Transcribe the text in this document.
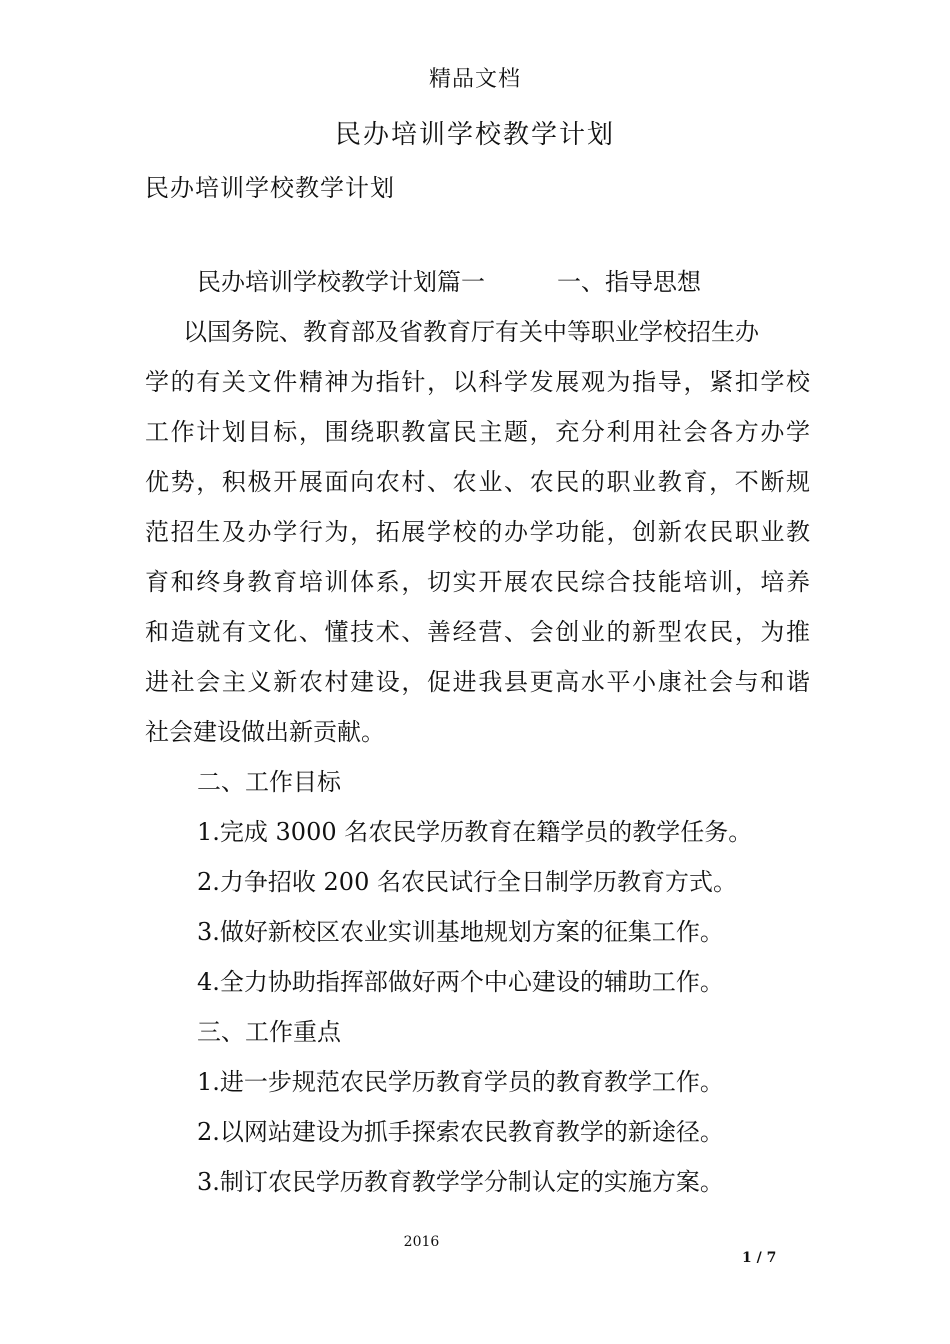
精品文档
民办培训学校教学计划
民办培训学校教学计划
民办培训学校教学计划篇一　　　一、指导思想
以国务院、教育部及省教育厅有关中等职业学校招生办
学的有关文件精神为指针，以科学发展观为指导，紧扣学校
工作计划目标，围绕职教富民主题，充分利用社会各方办学
优势，积极开展面向农村、农业、农民的职业教育，不断规
范招生及办学行为，拓展学校的办学功能，创新农民职业教
育和终身教育培训体系，切实开展农民综合技能培训，培养
和造就有文化、懂技术、善经营、会创业的新型农民，为推
进社会主义新农村建设，促进我县更高水平小康社会与和谐
社会建设做出新贡献。
二、工作目标
1.完成 3000 名农民学历教育在籍学员的教学任务。
2.力争招收 200 名农民试行全日制学历教育方式。
3.做好新校区农业实训基地规划方案的征集工作。
4.全力协助指挥部做好两个中心建设的辅助工作。
三、工作重点
1.进一步规范农民学历教育学员的教育教学工作。
2.以网站建设为抓手探索农民教育教学的新途径。
3.制订农民学历教育教学学分制认定的实施方案。
2016
1 / 7
